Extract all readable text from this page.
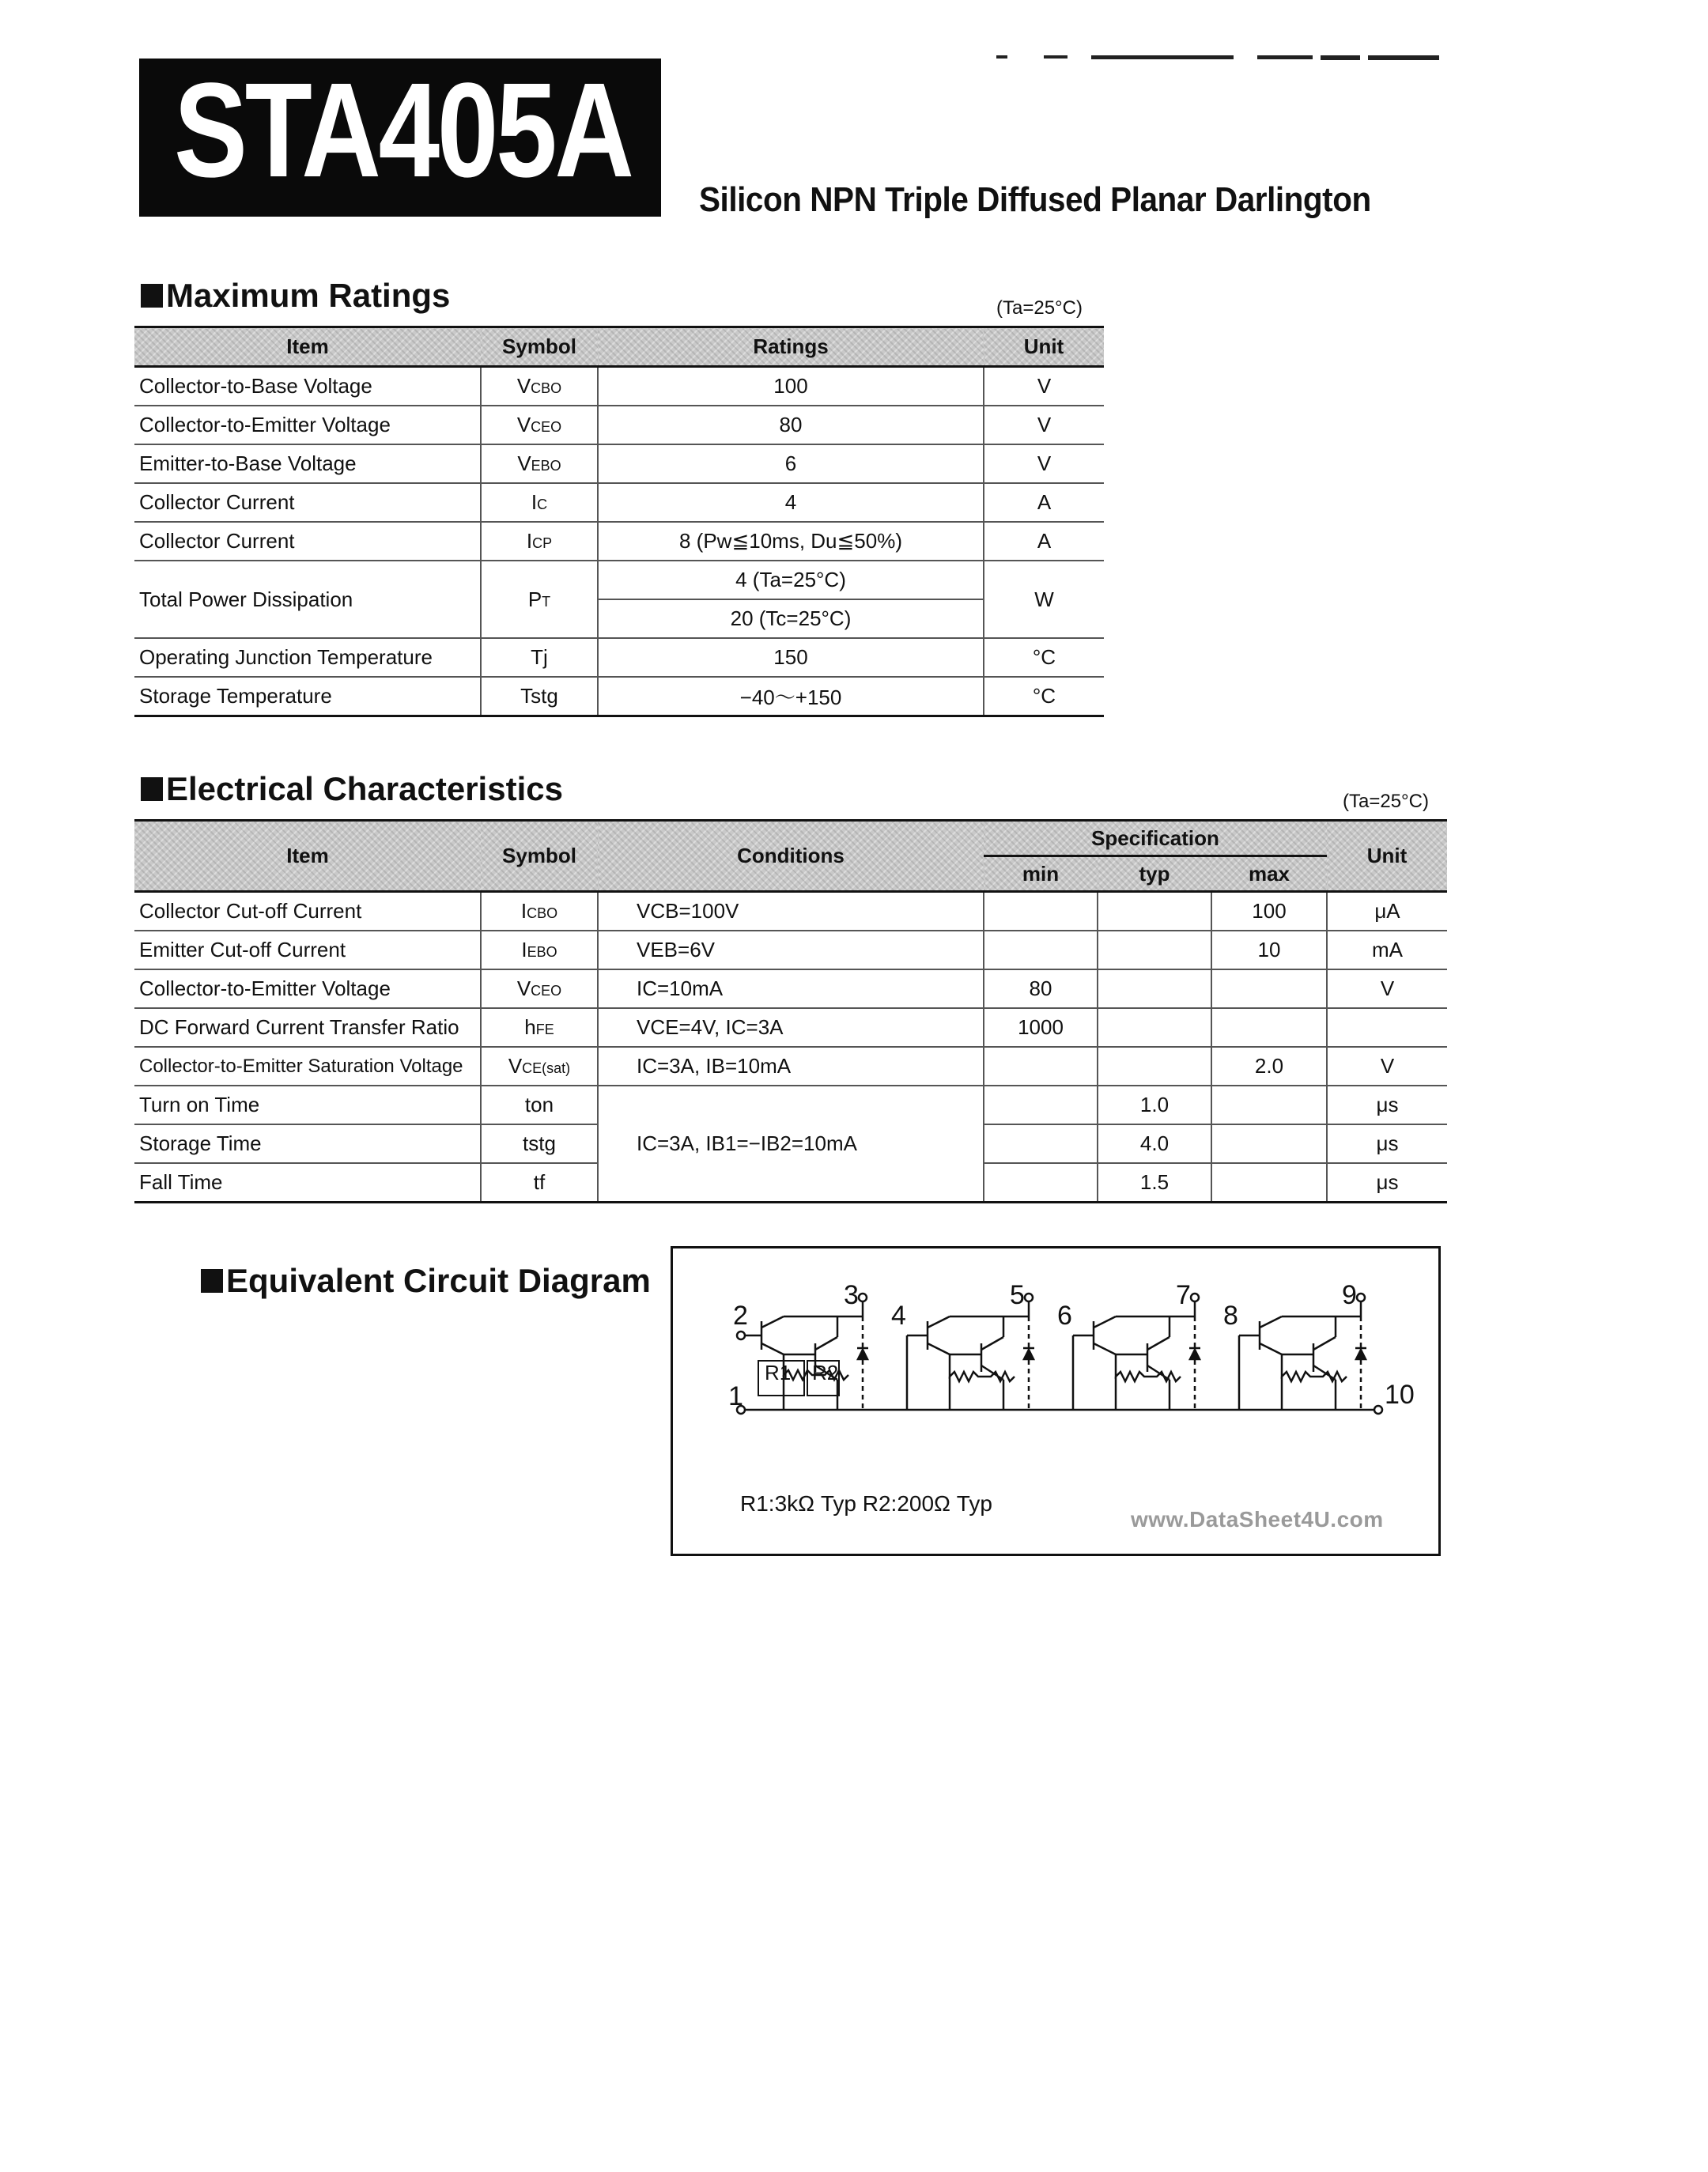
STA405A Silicon NPN Triple Diffused Planar Darlington
Maximum Ratings	(Ta=25°C)
Item	Symbol	Ratings	Unit
Collector-to-Base Voltage	VCBO	100	V
Collector-to-Emitter Voltage	VCEO	80	V
Emitter-to-Base Voltage	VEBO	6	V
Collector Current	IC	4	A
Collector Current	ICP	8 (Pw≦10ms, Du≦50%)	A
Total Power Dissipation	PT	4 (Ta=25°C)	W
		20 (Tc=25°C)	
Operating Junction Temperature	Tj	150	°C
Storage Temperature	Tstg	−40〜+150	°C
Electrical Characteristics	(Ta=25°C)
Item	Symbol	Conditions	Specification			Unit
			min	typ	max	
Collector Cut-off Current	ICBO	VCB=100V			100	μA
Emitter Cut-off Current	IEBO	VEB=6V			10	mA
Collector-to-Emitter Voltage	VCEO	IC=10mA	80			V
DC Forward Current Transfer Ratio	hFE	VCE=4V, IC=3A	1000			
Collector-to-Emitter Saturation Voltage	VCE(sat)	IC=3A, IB=10mA			2.0	V
Turn on Time	ton	IC=3A, IB1=−IB2=10mA		1.0		μs
Storage Time	tstg			4.0		μs
Fall Time	tf			1.5		μs
Equivalent Circuit Diagram
1	10
2
3
R1 R2
4
5
6
7
8
9
R1:3kΩ Typ R2:200Ω Typ
www.DataSheet4U.com
